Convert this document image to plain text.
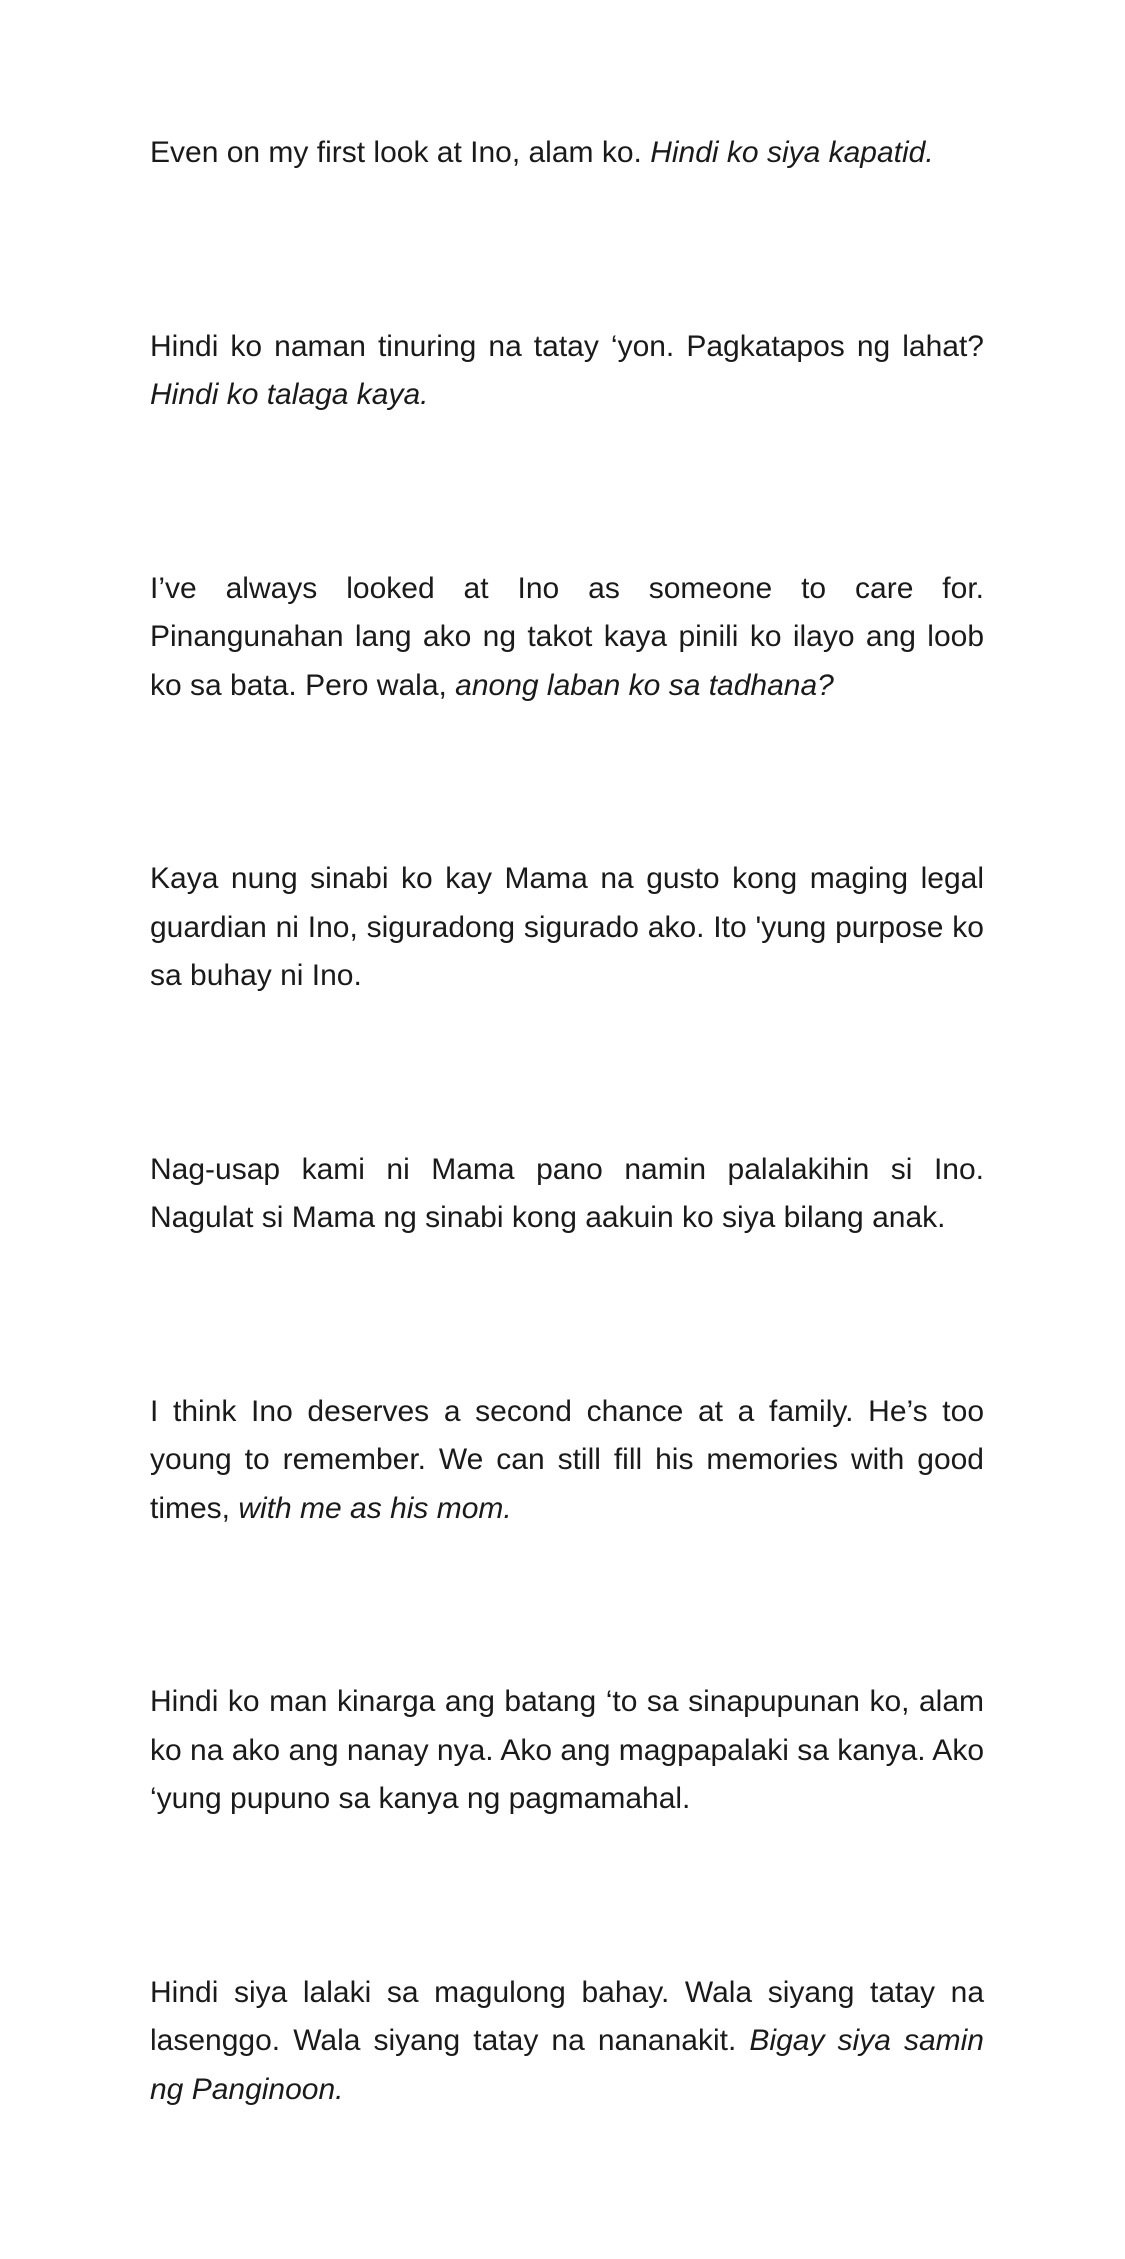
Even on my first look at Ino, alam ko. Hindi ko siya kapatid.

Hindi ko naman tinuring na tatay ‘yon. Pagkatapos ng lahat? Hindi ko talaga kaya.

I’ve always looked at Ino as someone to care for. Pinangunahan lang ako ng takot kaya pinili ko ilayo ang loob ko sa bata. Pero wala, anong laban ko sa tadhana?

Kaya nung sinabi ko kay Mama na gusto kong maging legal guardian ni Ino, siguradong sigurado ako. Ito 'yung purpose ko sa buhay ni Ino.

Nag-usap kami ni Mama pano namin palalakihin si Ino. Nagulat si Mama ng sinabi kong aakuin ko siya bilang anak.

I think Ino deserves a second chance at a family. He’s too young to remember. We can still fill his memories with good times, with me as his mom.

Hindi ko man kinarga ang batang ‘to sa sinapupunan ko, alam ko na ako ang nanay nya. Ako ang magpapalaki sa kanya. Ako ‘yung pupuno sa kanya ng pagmamahal.

Hindi siya lalaki sa magulong bahay. Wala siyang tatay na lasenggo. Wala siyang tatay na nananakit. Bigay siya samin ng Panginoon.
